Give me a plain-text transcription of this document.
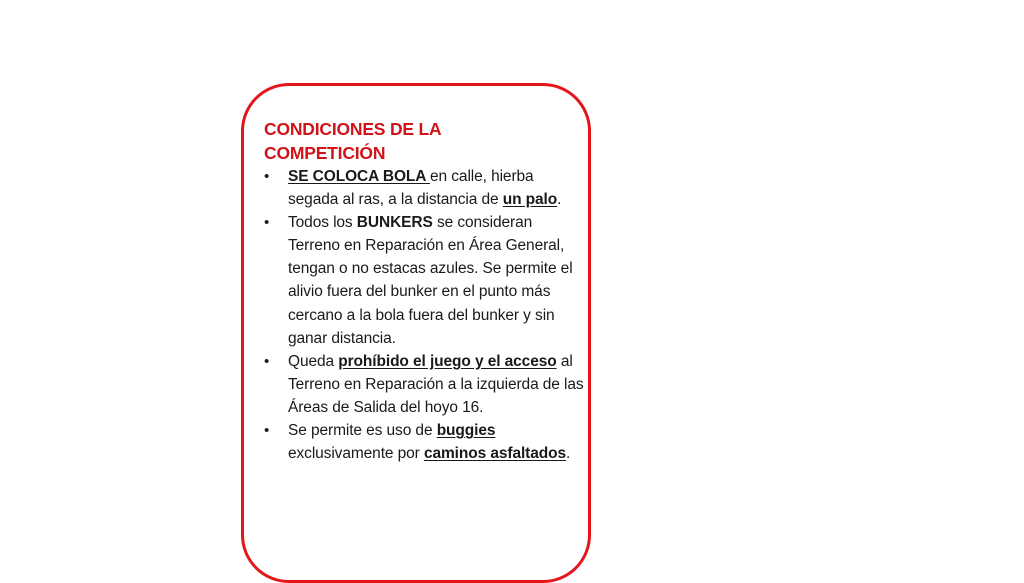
CONDICIONES DE LA
COMPETICIÓN
• SE COLOCA BOLA en calle, hierba segada al ras, a la distancia de un palo.
• Todos los BUNKERS se consideran Terreno en Reparación en Área General, tengan o no estacas azules. Se permite el alivio fuera del bunker en el punto más cercano a la bola fuera del bunker y sin ganar distancia.
• Queda prohíbido el juego y el acceso al Terreno en Reparación a la izquierda de las Áreas de Salida del hoyo 16.
• Se permite es uso de buggies exclusivamente por caminos asfaltados.
